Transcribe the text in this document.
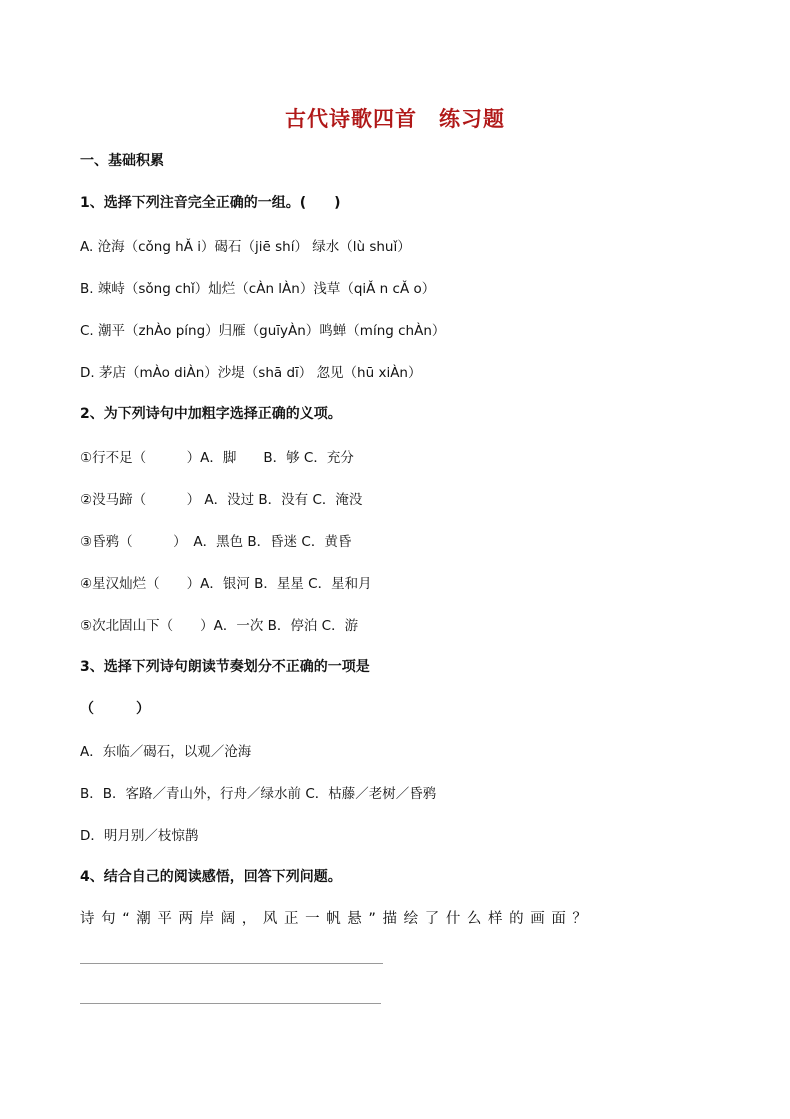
古代诗歌四首　练习题
一、基础积累
1、选择下列注音完全正确的一组。(　　)
A. 沧海（cǒng hǍ i）碣石（jiē shí） 绿水（lù shuǐ）
B. 竦峙（sǒng chǐ）灿烂（cÀn lÀn）浅草（qiǍ n cǍ o）
C. 潮平（zhÀo píng）归雁（guīyÀn）鸣蝉（míng chÀn）
D. 茅店（mÀo diÀn）沙堤（shā dī） 忽见（hū xiÀn）
2、为下列诗句中加粗字选择正确的义项。
①行不足（　　　）A．脚　　B．够 C．充分
②没马蹄（　　　） A．没过 B．没有 C．淹没
③昏鸦（　　　）　A．黑色 B．昏迷 C．黄昏
④星汉灿烂（　　）A．银河 B．星星 C．星和月
⑤次北固山下（　　）A．一次 B．停泊 C．游
3、选择下列诗句朗读节奏划分不正确的一项是
（　　　）
A．东临／碣石，以观／沧海
B．B．客路／青山外，行舟／绿水前 C．枯藤／老树／昏鸦
D．明月别／枝惊鹊
4、结合自己的阅读感悟，回答下列问题。
诗句“潮平两岸阔，风正一帆悬”描绘了什么样的画面？
